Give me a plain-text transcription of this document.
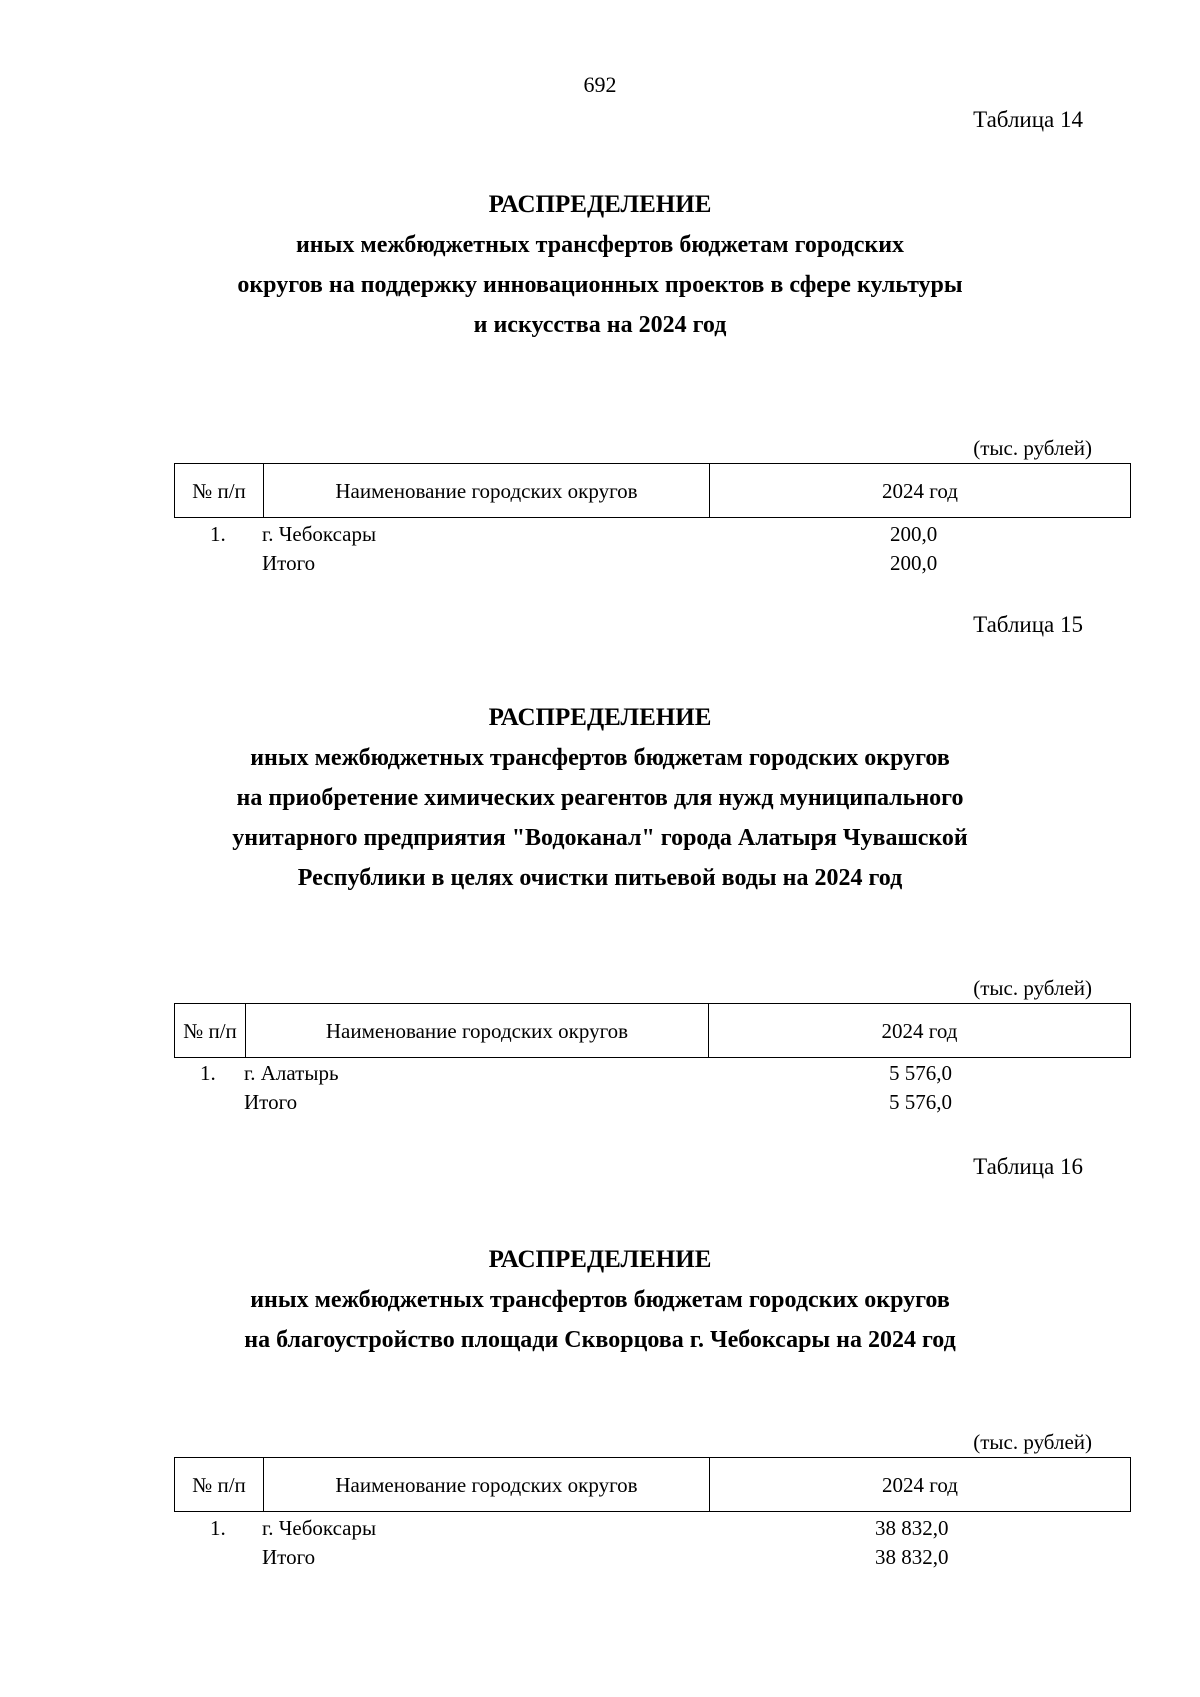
692
Таблица 14
РАСПРЕДЕЛЕНИЕ
иных межбюджетных трансфертов бюджетам городских
округов на поддержку инновационных проектов в сфере культуры
и искусства на 2024 год
(тыс. рублей)
№ п/п	Наименование городских округов	2024 год
1. г. Чебоксары	200,0
Итого	200,0
Таблица 15
РАСПРЕДЕЛЕНИЕ
иных межбюджетных трансфертов бюджетам городских округов
на приобретение химических реагентов для нужд муниципального
унитарного предприятия "Водоканал" города Алатыря Чувашской
Республики в целях очистки питьевой воды на 2024 год
(тыс. рублей)
№ п/п	Наименование городских округов	2024 год
1. г. Алатырь	5 576,0
Итого	5 576,0
Таблица 16
РАСПРЕДЕЛЕНИЕ
иных межбюджетных трансфертов бюджетам городских округов
на благоустройство площади Скворцова г. Чебоксары на 2024 год
(тыс. рублей)
№ п/п	Наименование городских округов	2024 год
1. г. Чебоксары	38 832,0
Итого	38 832,0
